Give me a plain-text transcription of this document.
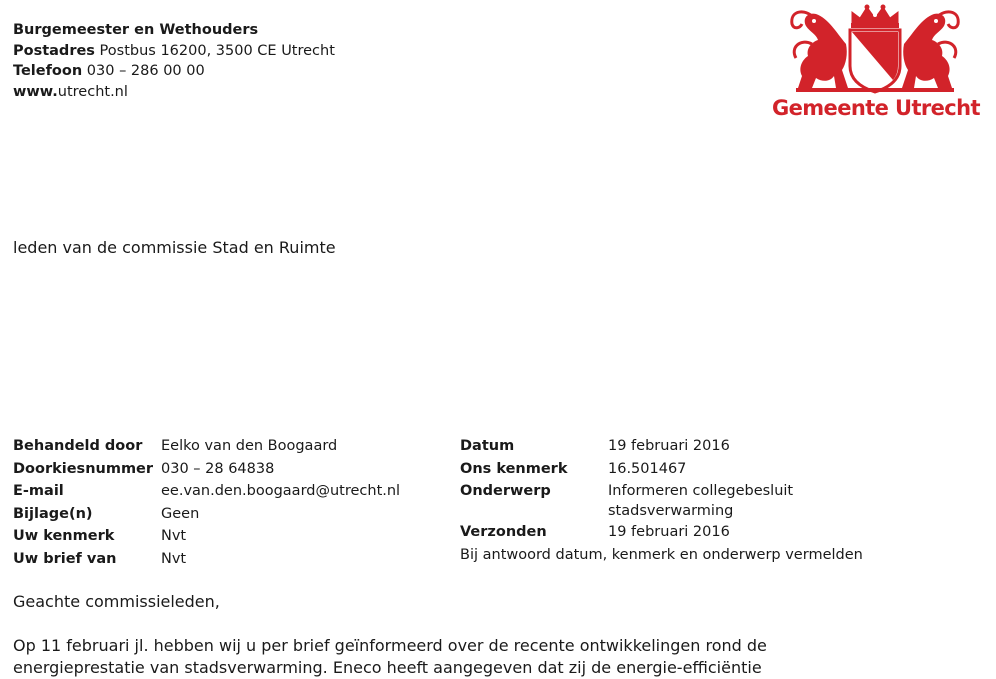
Burgemeester en Wethouders
Postadres Postbus 16200, 3500 CE Utrecht
Telefoon 030 – 286 00 00
www.utrecht.nl
Gemeente Utrecht
leden van de commissie Stad en Ruimte
Behandeld door	Eelko van den Boogaard
Doorkiesnummer 030 – 28 64838
E-mail	ee.van.den.boogaard@utrecht.nl
Bijlage(n)	Geen
Uw kenmerk	Nvt
Uw brief van	Nvt
Datum	19 februari 2016
Ons kenmerk	16.501467
Onderwerp	Informeren collegebesluit stadsverwarming
Verzonden	19 februari 2016
Bij antwoord datum, kenmerk en onderwerp vermelden
Geachte commissieleden,
Op 11 februari jl. hebben wij u per brief geïnformeerd over de recente ontwikkelingen rond de energieprestatie van stadsverwarming. Eneco heeft aangegeven dat zij de energie-efficiëntie
